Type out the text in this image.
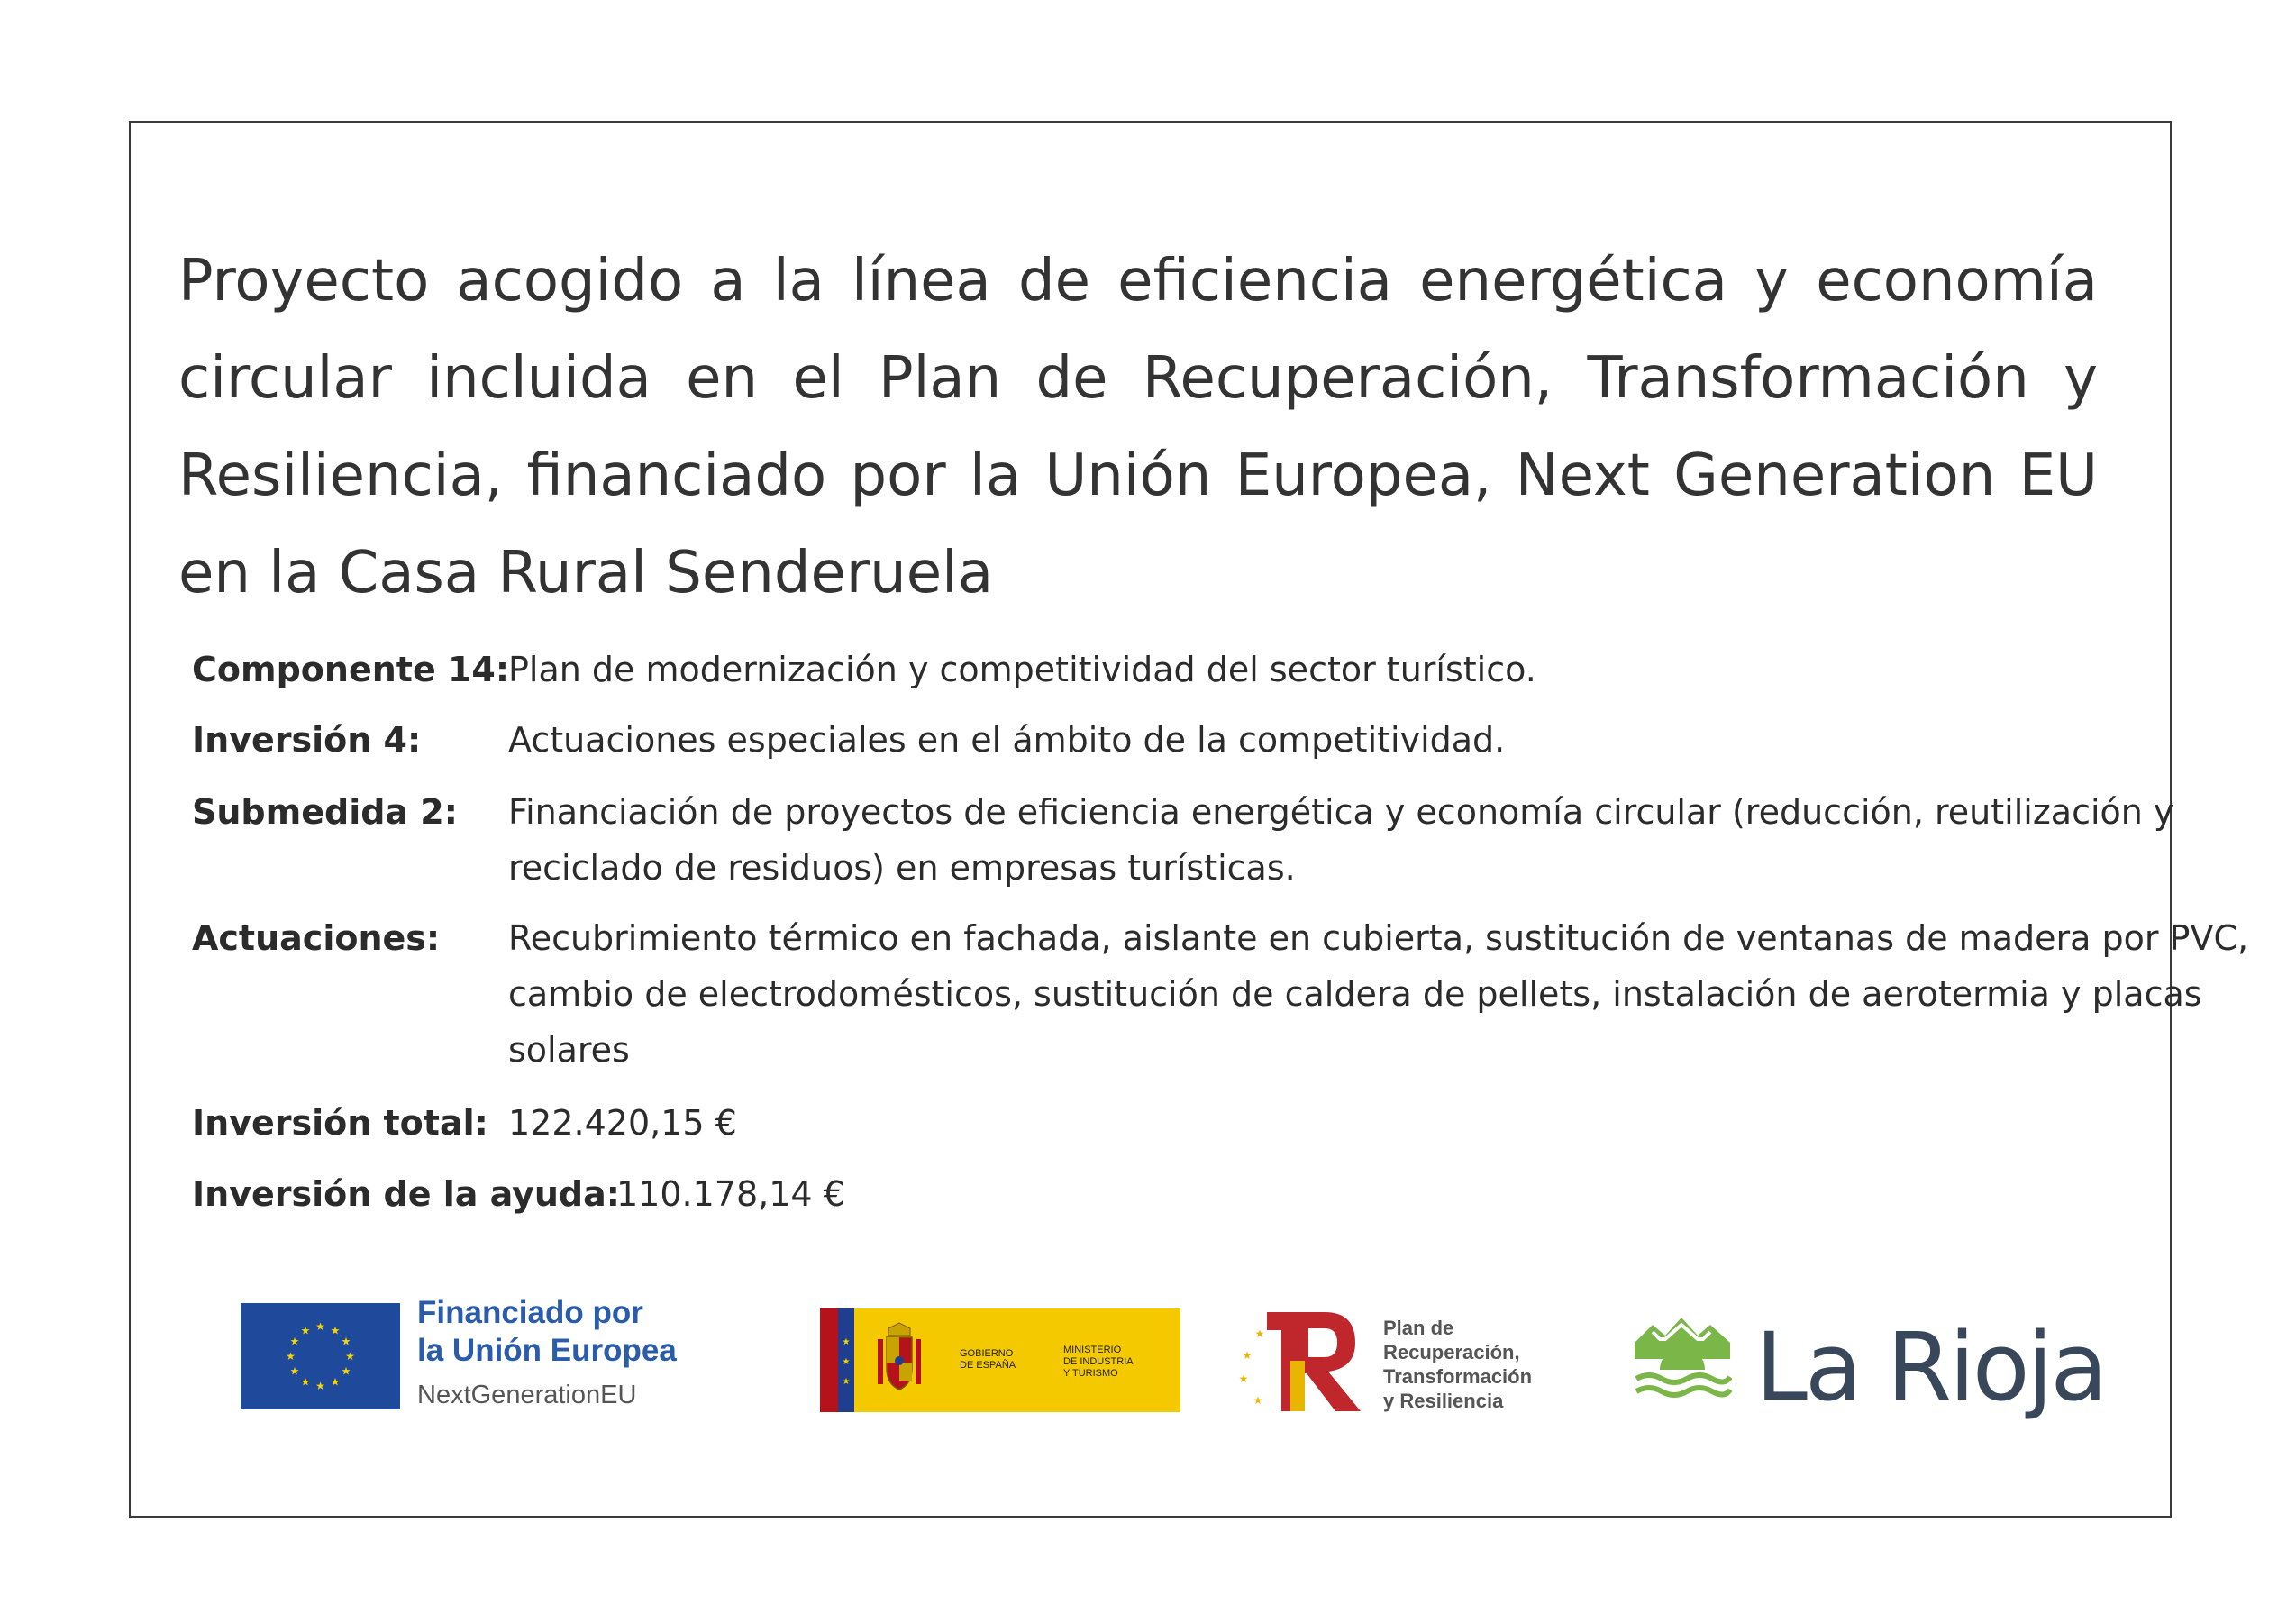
Proyecto acogido a la línea de eficiencia energética y economía circular incluida en el Plan de Recuperación, Transformación y Resiliencia, financiado por la Unión Europea, Next Generation EU en la Casa Rural Senderuela

Componente 14:
Plan de modernización y competitividad del sector turístico.
Inversión 4:	Actuaciones especiales en el ámbito de la competitividad.
Submedida 2: Financiación de proyectos de eficiencia energética y economía circular (reducción, reutilización y reciclado de residuos) en empresas turísticas.
Actuaciones: Recubrimiento térmico en fachada, aislante en cubierta, sustitución de ventanas de madera por PVC, cambio de electrodomésticos, sustitución de caldera de pellets, instalación de aerotermia y placas solares
Inversión total: 122.420,15 €
Inversión de la ayuda:
110.178,14 €
★ ★
★
★
★
★
★
★
★
★
★
★
Financiado por
la Unión Europea
NextGenerationEU
★
★
★
GOBIERNO
DE ESPAÑA
MINISTERIO
DE INDUSTRIA
Y TURISMO
★
★
★
★
Plan de
Recuperación,
Transformación
y Resiliencia	La Rioja
